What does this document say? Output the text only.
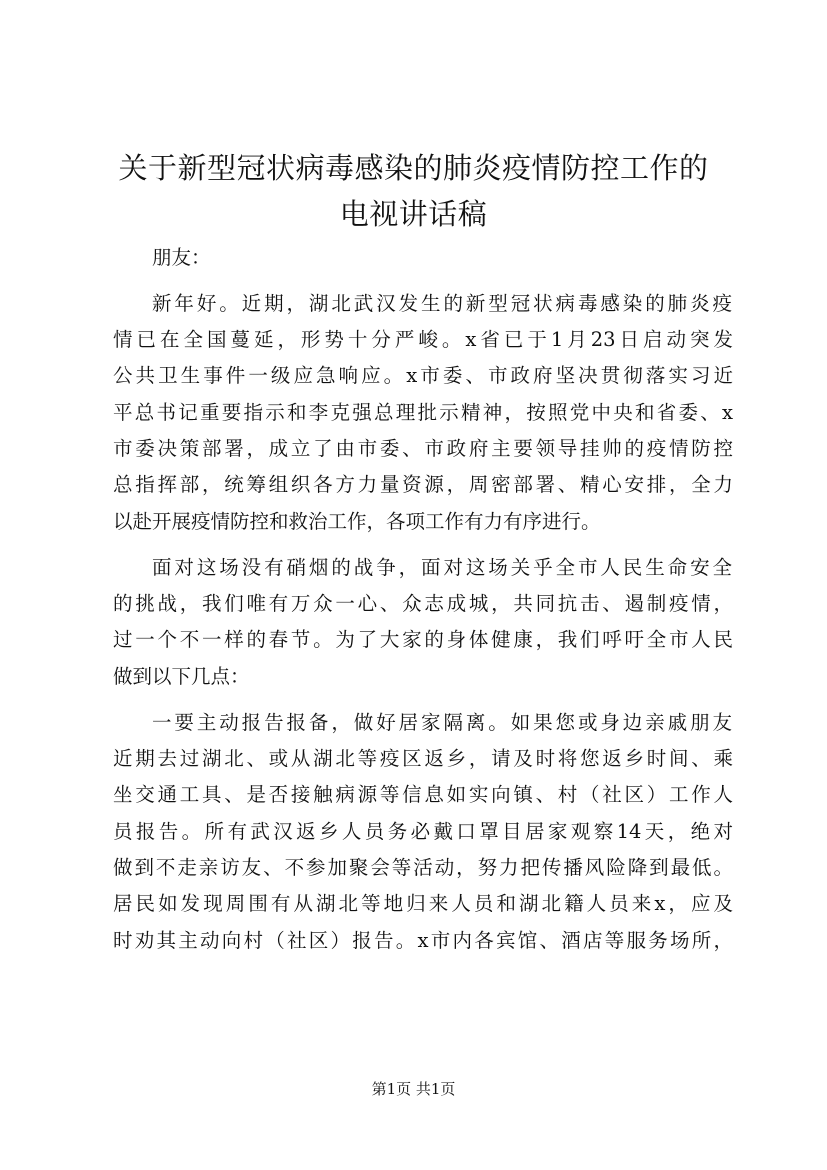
关于新型冠状病毒感染的肺炎疫情防控工作的
电视讲话稿

朋友：

新年好。近期，湖北武汉发生的新型冠状病毒感染的肺炎疫

情已在全国蔓延，形势十分严峻。x省已于1月23日启动突发

公共卫生事件一级应急响应。x市委、市政府坚决贯彻落实习近

平总书记重要指示和李克强总理批示精神，按照党中央和省委、x

市委决策部署，成立了由市委、市政府主要领导挂帅的疫情防控

总指挥部，统筹组织各方力量资源，周密部署、精心安排，全力

以赴开展疫情防控和救治工作，各项工作有力有序进行。

面对这场没有硝烟的战争，面对这场关乎全市人民生命安全

的挑战，我们唯有万众一心、众志成城，共同抗击、遏制疫情，

过一个不一样的春节。为了大家的身体健康，我们呼吁全市人民

做到以下几点：

一要主动报告报备，做好居家隔离。如果您或身边亲戚朋友

近期去过湖北、或从湖北等疫区返乡，请及时将您返乡时间、乘

坐交通工具、是否接触病源等信息如实向镇、村（社区）工作人

员报告。所有武汉返乡人员务必戴口罩目居家观察14天，绝对

做到不走亲访友、不参加聚会等活动，努力把传播风险降到最低。

居民如发现周围有从湖北等地归来人员和湖北籍人员来x，应及

时劝其主动向村（社区）报告。x市内各宾馆、酒店等服务场所，

第1页 共1页
